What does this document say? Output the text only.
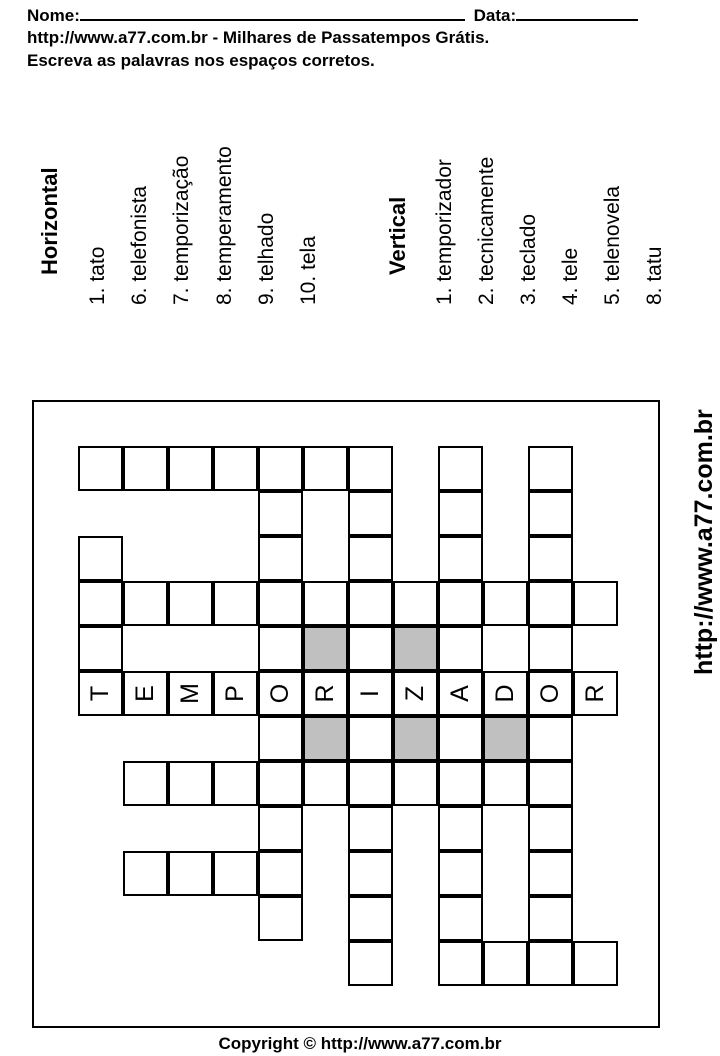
Nome:	Data:
http://www.a77.com.br - Milhares de Passatempos Grátis.
Escreva as palavras nos espaços corretos.
Horizontal
1. tato 6. telefonista 7. temporização 8. temperamento 9. telhado 10. tela	Vertical 1. temporizador 2. tecnicamente 3. teclado 4. tele 5. telenovela 8. tatu
T E M P O R I Z A D O R
http://www.a77.com.br
Copyright © http://www.a77.com.br
